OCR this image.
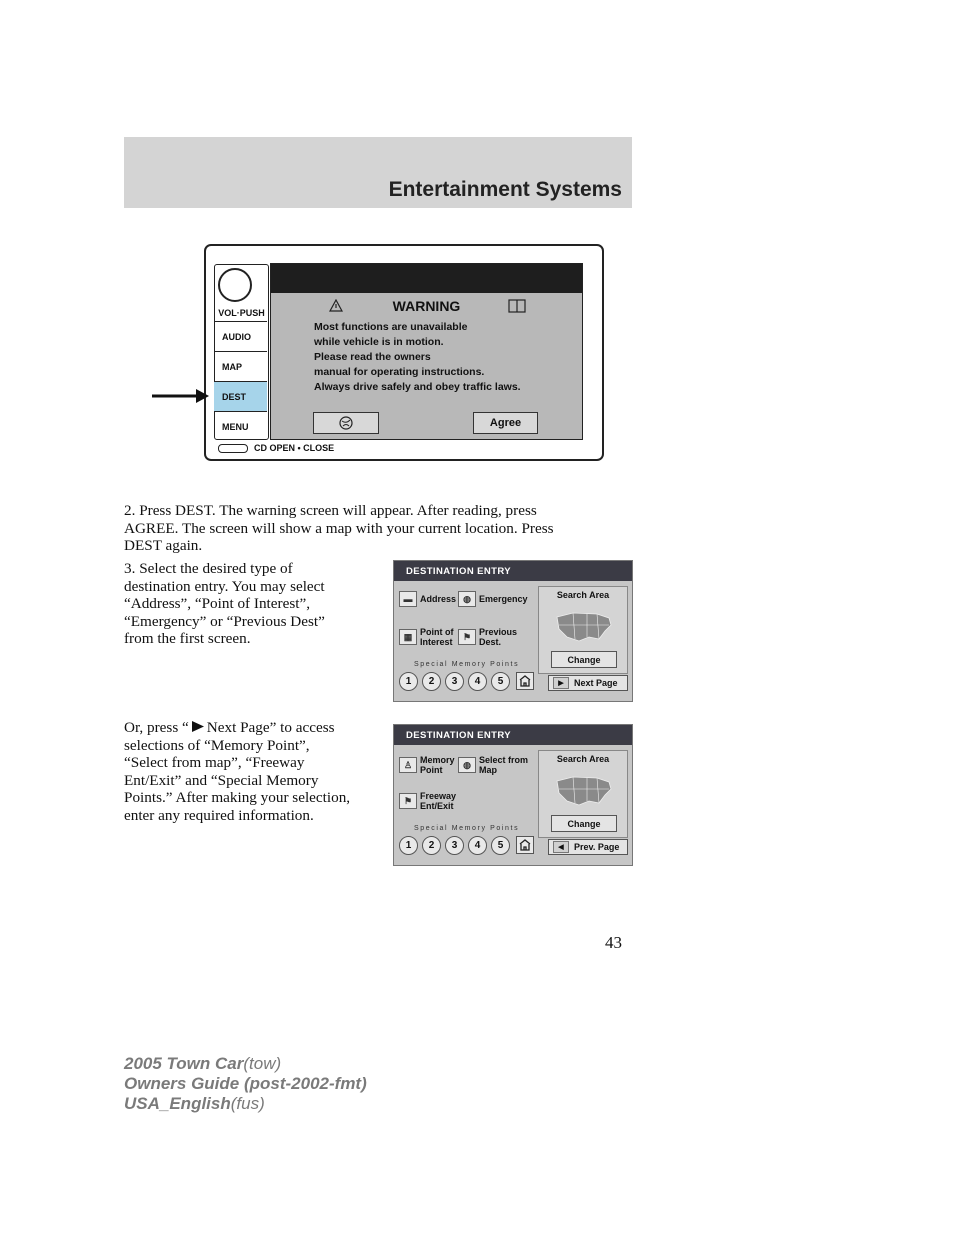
Entertainment Systems
VOL·PUSH
AUDIO
MAP
DEST
MENU
CD OPEN • CLOSE
WARNING
Most functions are unavailable
while vehicle is in motion.
Please read the owners
manual for operating instructions.
Always drive safely and obey traffic laws.
Agree
2. Press DEST. The warning screen will appear. After reading, press
AGREE. The screen will show a map with your current location. Press
DEST again.
3. Select the desired type of
destination entry. You may select
“Address”, “Point of Interest”,
“Emergency” or “Previous Dest”
from the first screen.
DESTINATION ENTRY
▬ Address ◍ Emergency
▦ Point of
Interest
⚑ Previous
Dest.
Search Area
Change
Special Memory Points
1	2	3	4	5	▶	Next Page
Or, press “ Next Page” to access
selections of “Memory Point”,
“Select from map”, “Freeway
Ent/Exit” and “Special Memory
Points.” After making your selection,
enter any required information.
DESTINATION ENTRY
♙ Memory
Point
◍ Select from
Map
⚑ Freeway
Ent/Exit
Search Area
Change
Special Memory Points
1	2	3	4	5	◀	Prev. Page
43
2005 Town Car(tow)
Owners Guide (post-2002-fmt)
USA_English(fus)
